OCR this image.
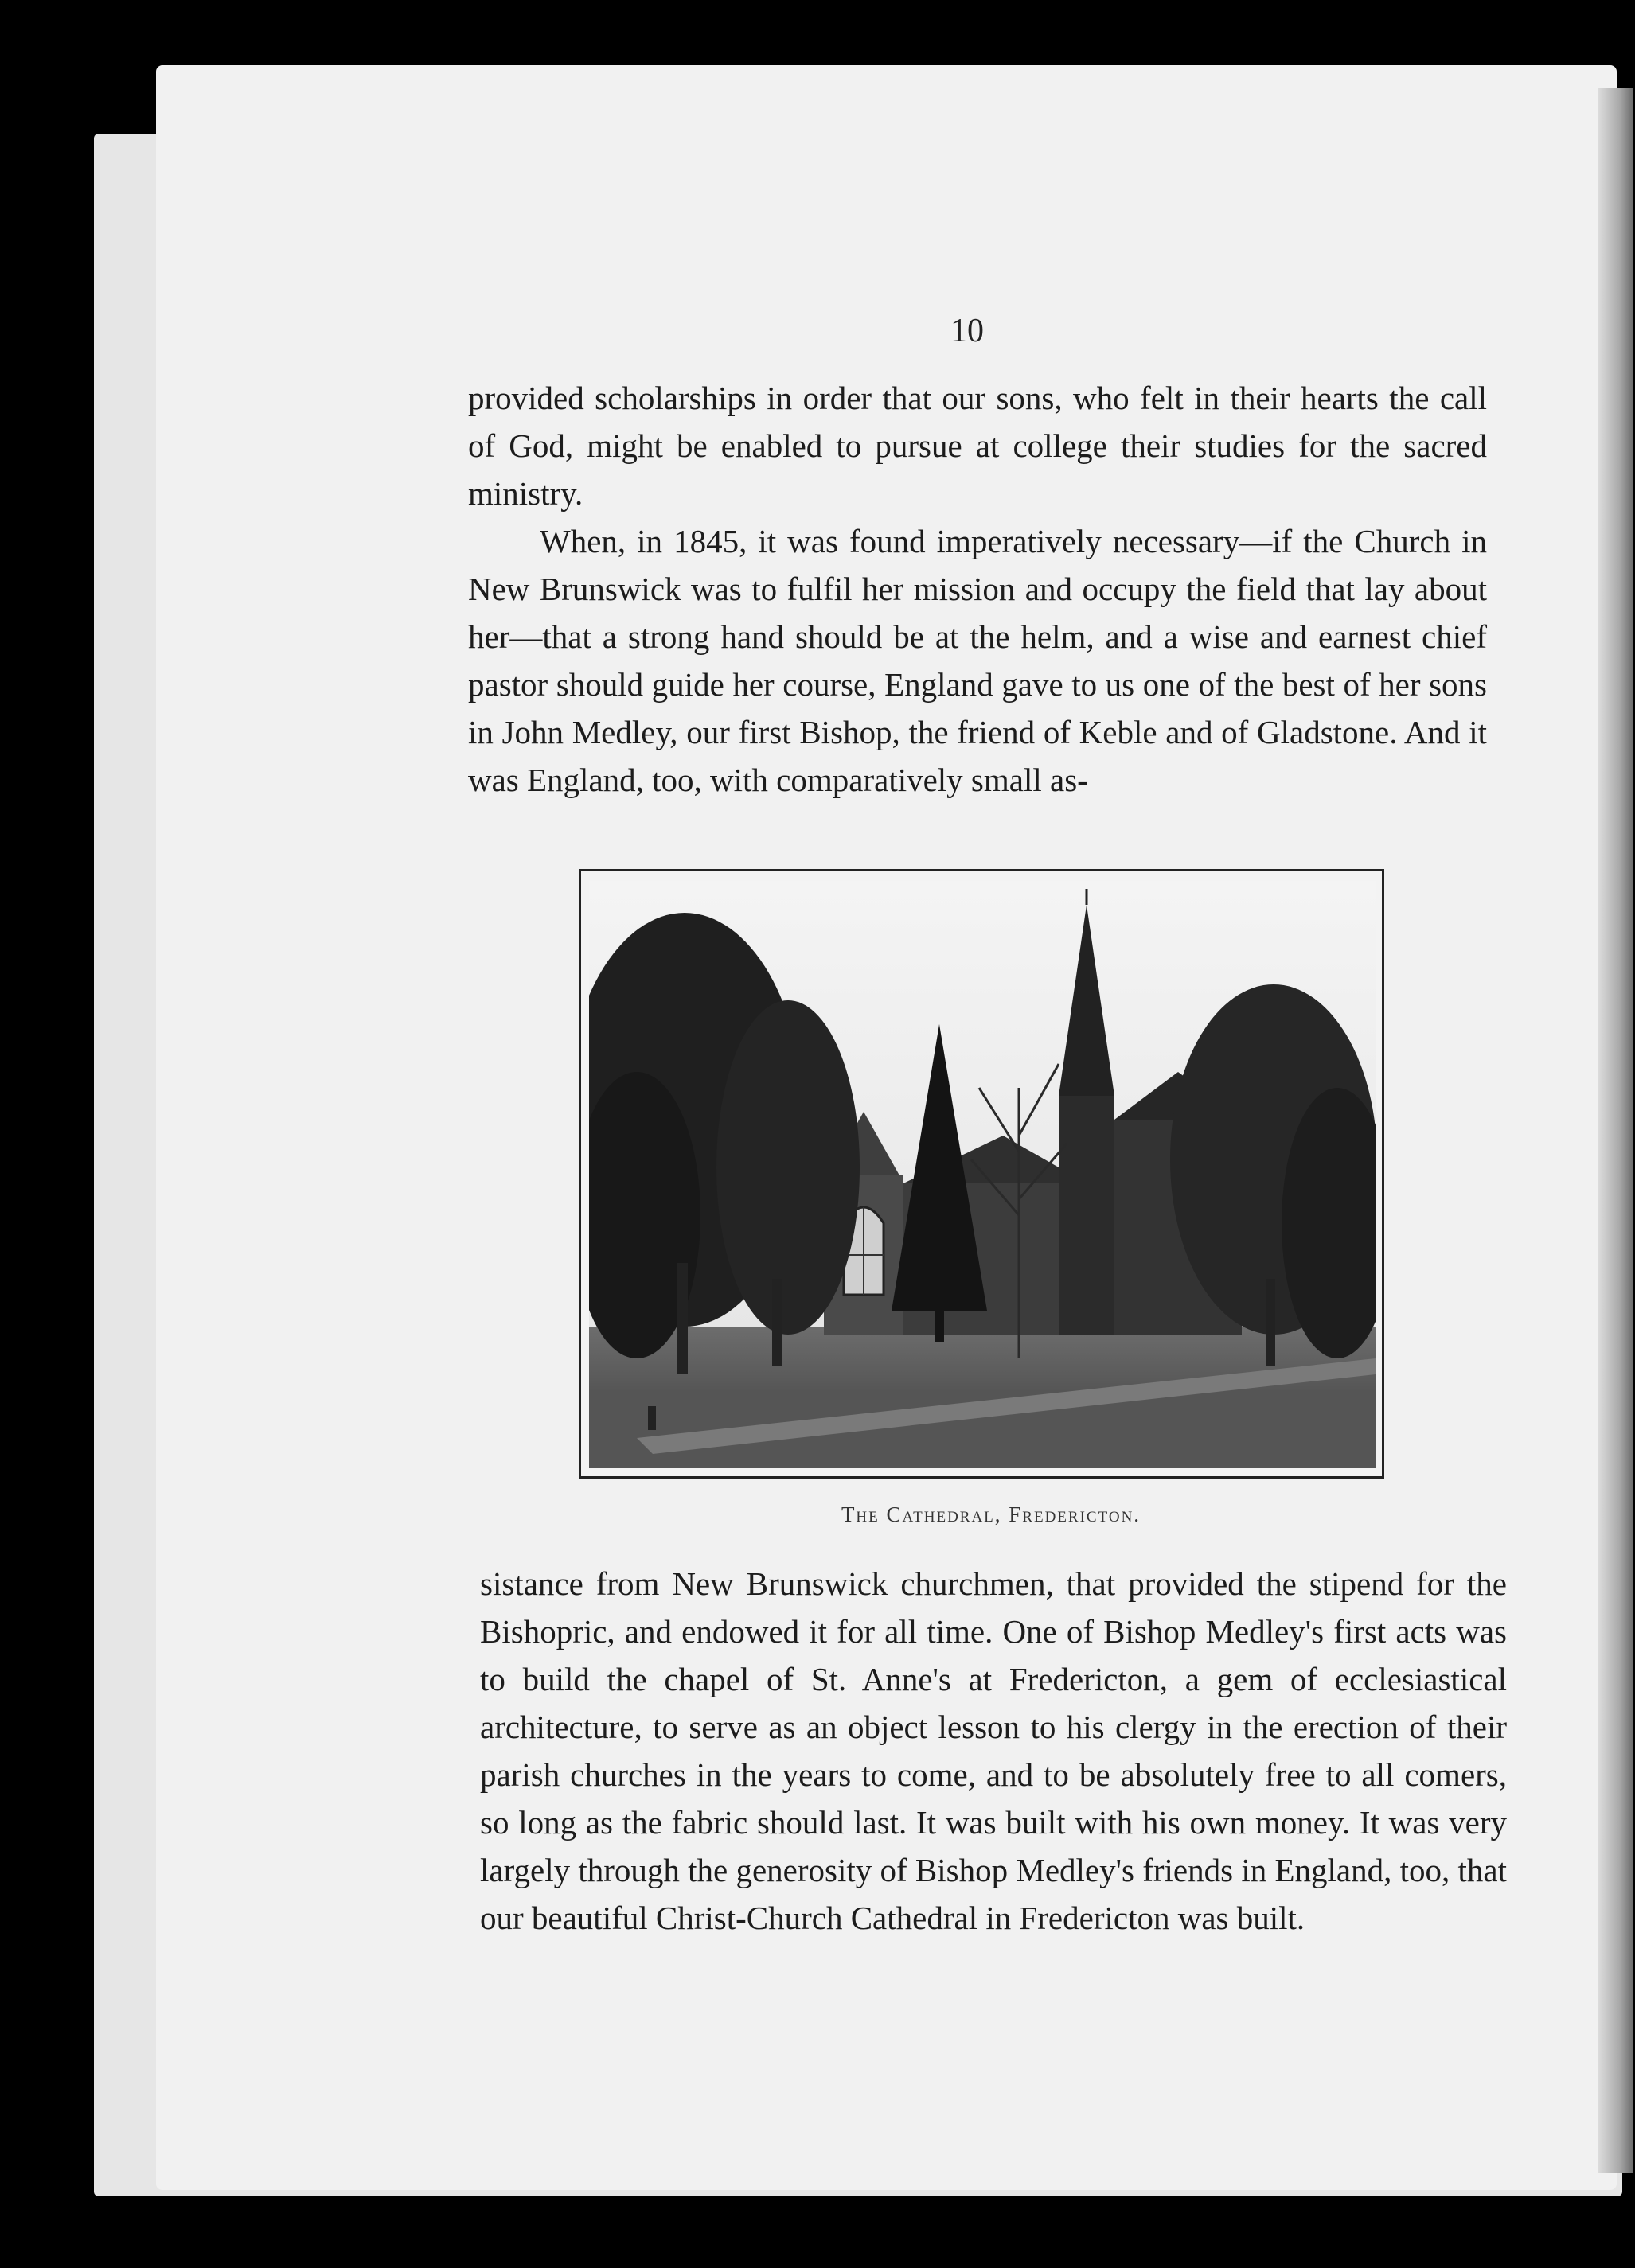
10
provided scholarships in order that our sons, who felt in their hearts the call of God, might be enabled to pursue at college their studies for the sacred ministry.
When, in 1845, it was found imperatively necessary—if the Church in New Brunswick was to fulfil her mission and occupy the field that lay about her—that a strong hand should be at the helm, and a wise and earnest chief pastor should guide her course, England gave to us one of the best of her sons in John Medley, our first Bishop, the friend of Keble and of Gladstone. And it was England, too, with comparatively small as-
The Cathedral, Fredericton.
sistance from New Brunswick churchmen, that provided the stipend for the Bishopric, and endowed it for all time. One of Bishop Medley's first acts was to build the chapel of St. Anne's at Fredericton, a gem of ecclesiastical architecture, to serve as an object lesson to his clergy in the erection of their parish churches in the years to come, and to be absolutely free to all comers, so long as the fabric should last. It was built with his own money. It was very largely through the generosity of Bishop Medley's friends in England, too, that our beautiful Christ-Church Cathedral in Fredericton was built.
